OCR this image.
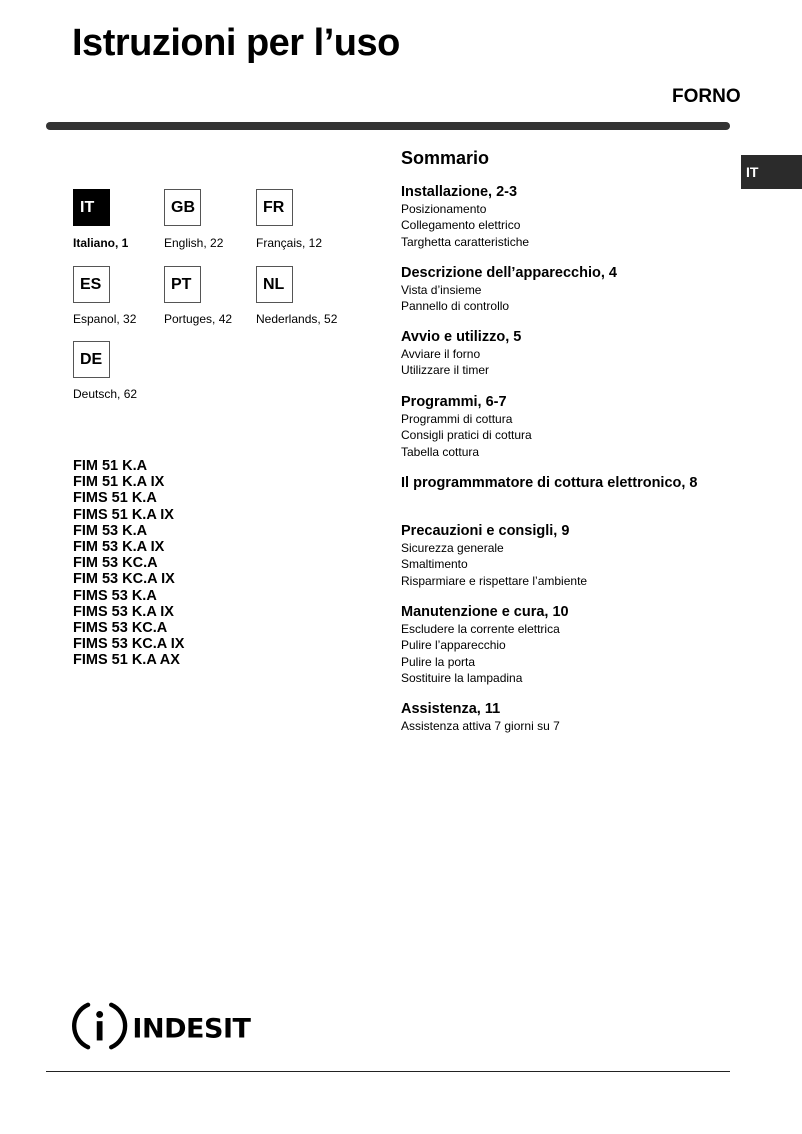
Istruzioni per l’uso
FORNO
IT
IT	GB	FR
Italiano, 1	English, 22	Français, 12
ES	PT	NL
Espanol, 32 Portuges, 42 Nederlands, 52
DE
Deutsch, 62
FIM 51 K.A
FIM 51 K.A IX
FIMS 51 K.A
FIMS 51 K.A IX
FIM 53 K.A
FIM 53 K.A IX
FIM 53 KC.A
FIM 53 KC.A IX
FIMS 53 K.A
FIMS 53 K.A IX
FIMS 53 KC.A
FIMS 53 KC.A IX
FIMS 51 K.A AX
Sommario
Installazione, 2-3
Posizionamento
Collegamento elettrico
Targhetta caratteristiche
Descrizione dell’apparecchio, 4
Vista d’insieme
Pannello di controllo
Avvio e utilizzo, 5
Avviare il forno
Utilizzare il timer
Programmi, 6-7
Programmi di cottura
Consigli pratici di cottura
Tabella cottura
Il programmmatore di cottura elettronico, 8
Precauzioni e consigli, 9
Sicurezza generale
Smaltimento
Risparmiare e rispettare l’ambiente
Manutenzione e cura, 10
Escludere la corrente elettrica
Pulire l’apparecchio
Pulire la porta
Sostituire la lampadina
Assistenza, 11
Assistenza attiva 7 giorni su 7
INDESIT
